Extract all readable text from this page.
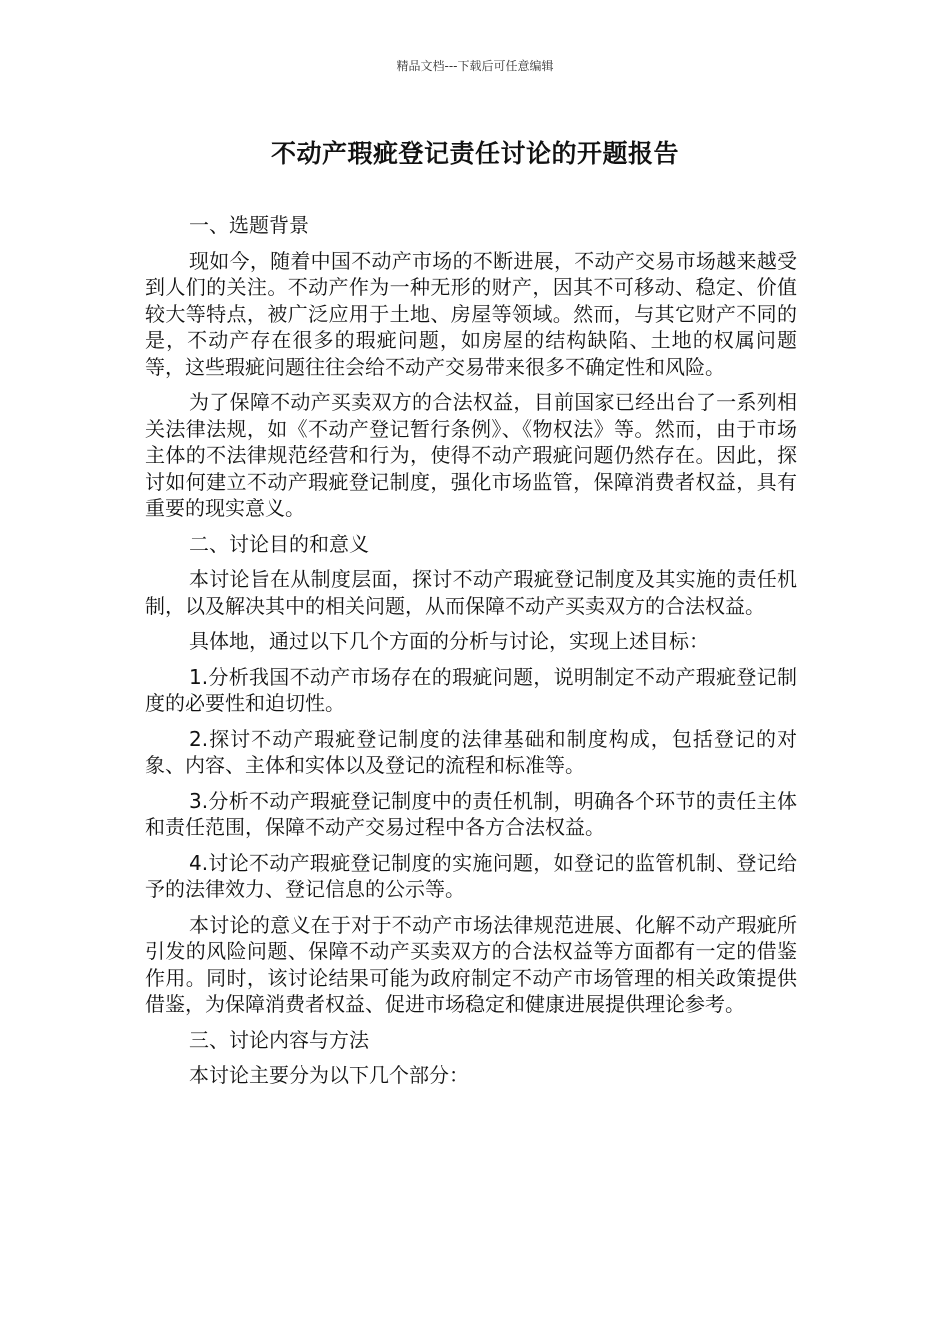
精品文档---下载后可任意编辑
不动产瑕疵登记责任讨论的开题报告

一、选题背景

现如今，随着中国不动产市场的不断进展，不动产交易市场越来越受到人们的关注。不动产作为一种无形的财产，因其不可移动、稳定、价值较大等特点，被广泛应用于土地、房屋等领域。然而，与其它财产不同的是，不动产存在很多的瑕疵问题，如房屋的结构缺陷、土地的权属问题等，这些瑕疵问题往往会给不动产交易带来很多不确定性和风险。

为了保障不动产买卖双方的合法权益，目前国家已经出台了一系列相关法律法规，如《不动产登记暂行条例》、《物权法》等。然而，由于市场主体的不法律规范经营和行为，使得不动产瑕疵问题仍然存在。因此，探讨如何建立不动产瑕疵登记制度，强化市场监管，保障消费者权益，具有重要的现实意义。

二、讨论目的和意义

本讨论旨在从制度层面，探讨不动产瑕疵登记制度及其实施的责任机制，以及解决其中的相关问题，从而保障不动产买卖双方的合法权益。

具体地，通过以下几个方面的分析与讨论，实现上述目标：

1.分析我国不动产市场存在的瑕疵问题，说明制定不动产瑕疵登记制度的必要性和迫切性。

2.探讨不动产瑕疵登记制度的法律基础和制度构成，包括登记的对象、内容、主体和实体以及登记的流程和标准等。

3.分析不动产瑕疵登记制度中的责任机制，明确各个环节的责任主体和责任范围，保障不动产交易过程中各方合法权益。

4.讨论不动产瑕疵登记制度的实施问题，如登记的监管机制、登记给予的法律效力、登记信息的公示等。

本讨论的意义在于对于不动产市场法律规范进展、化解不动产瑕疵所引发的风险问题、保障不动产买卖双方的合法权益等方面都有一定的借鉴作用。同时，该讨论结果可能为政府制定不动产市场管理的相关政策提供借鉴，为保障消费者权益、促进市场稳定和健康进展提供理论参考。

三、讨论内容与方法

本讨论主要分为以下几个部分：
